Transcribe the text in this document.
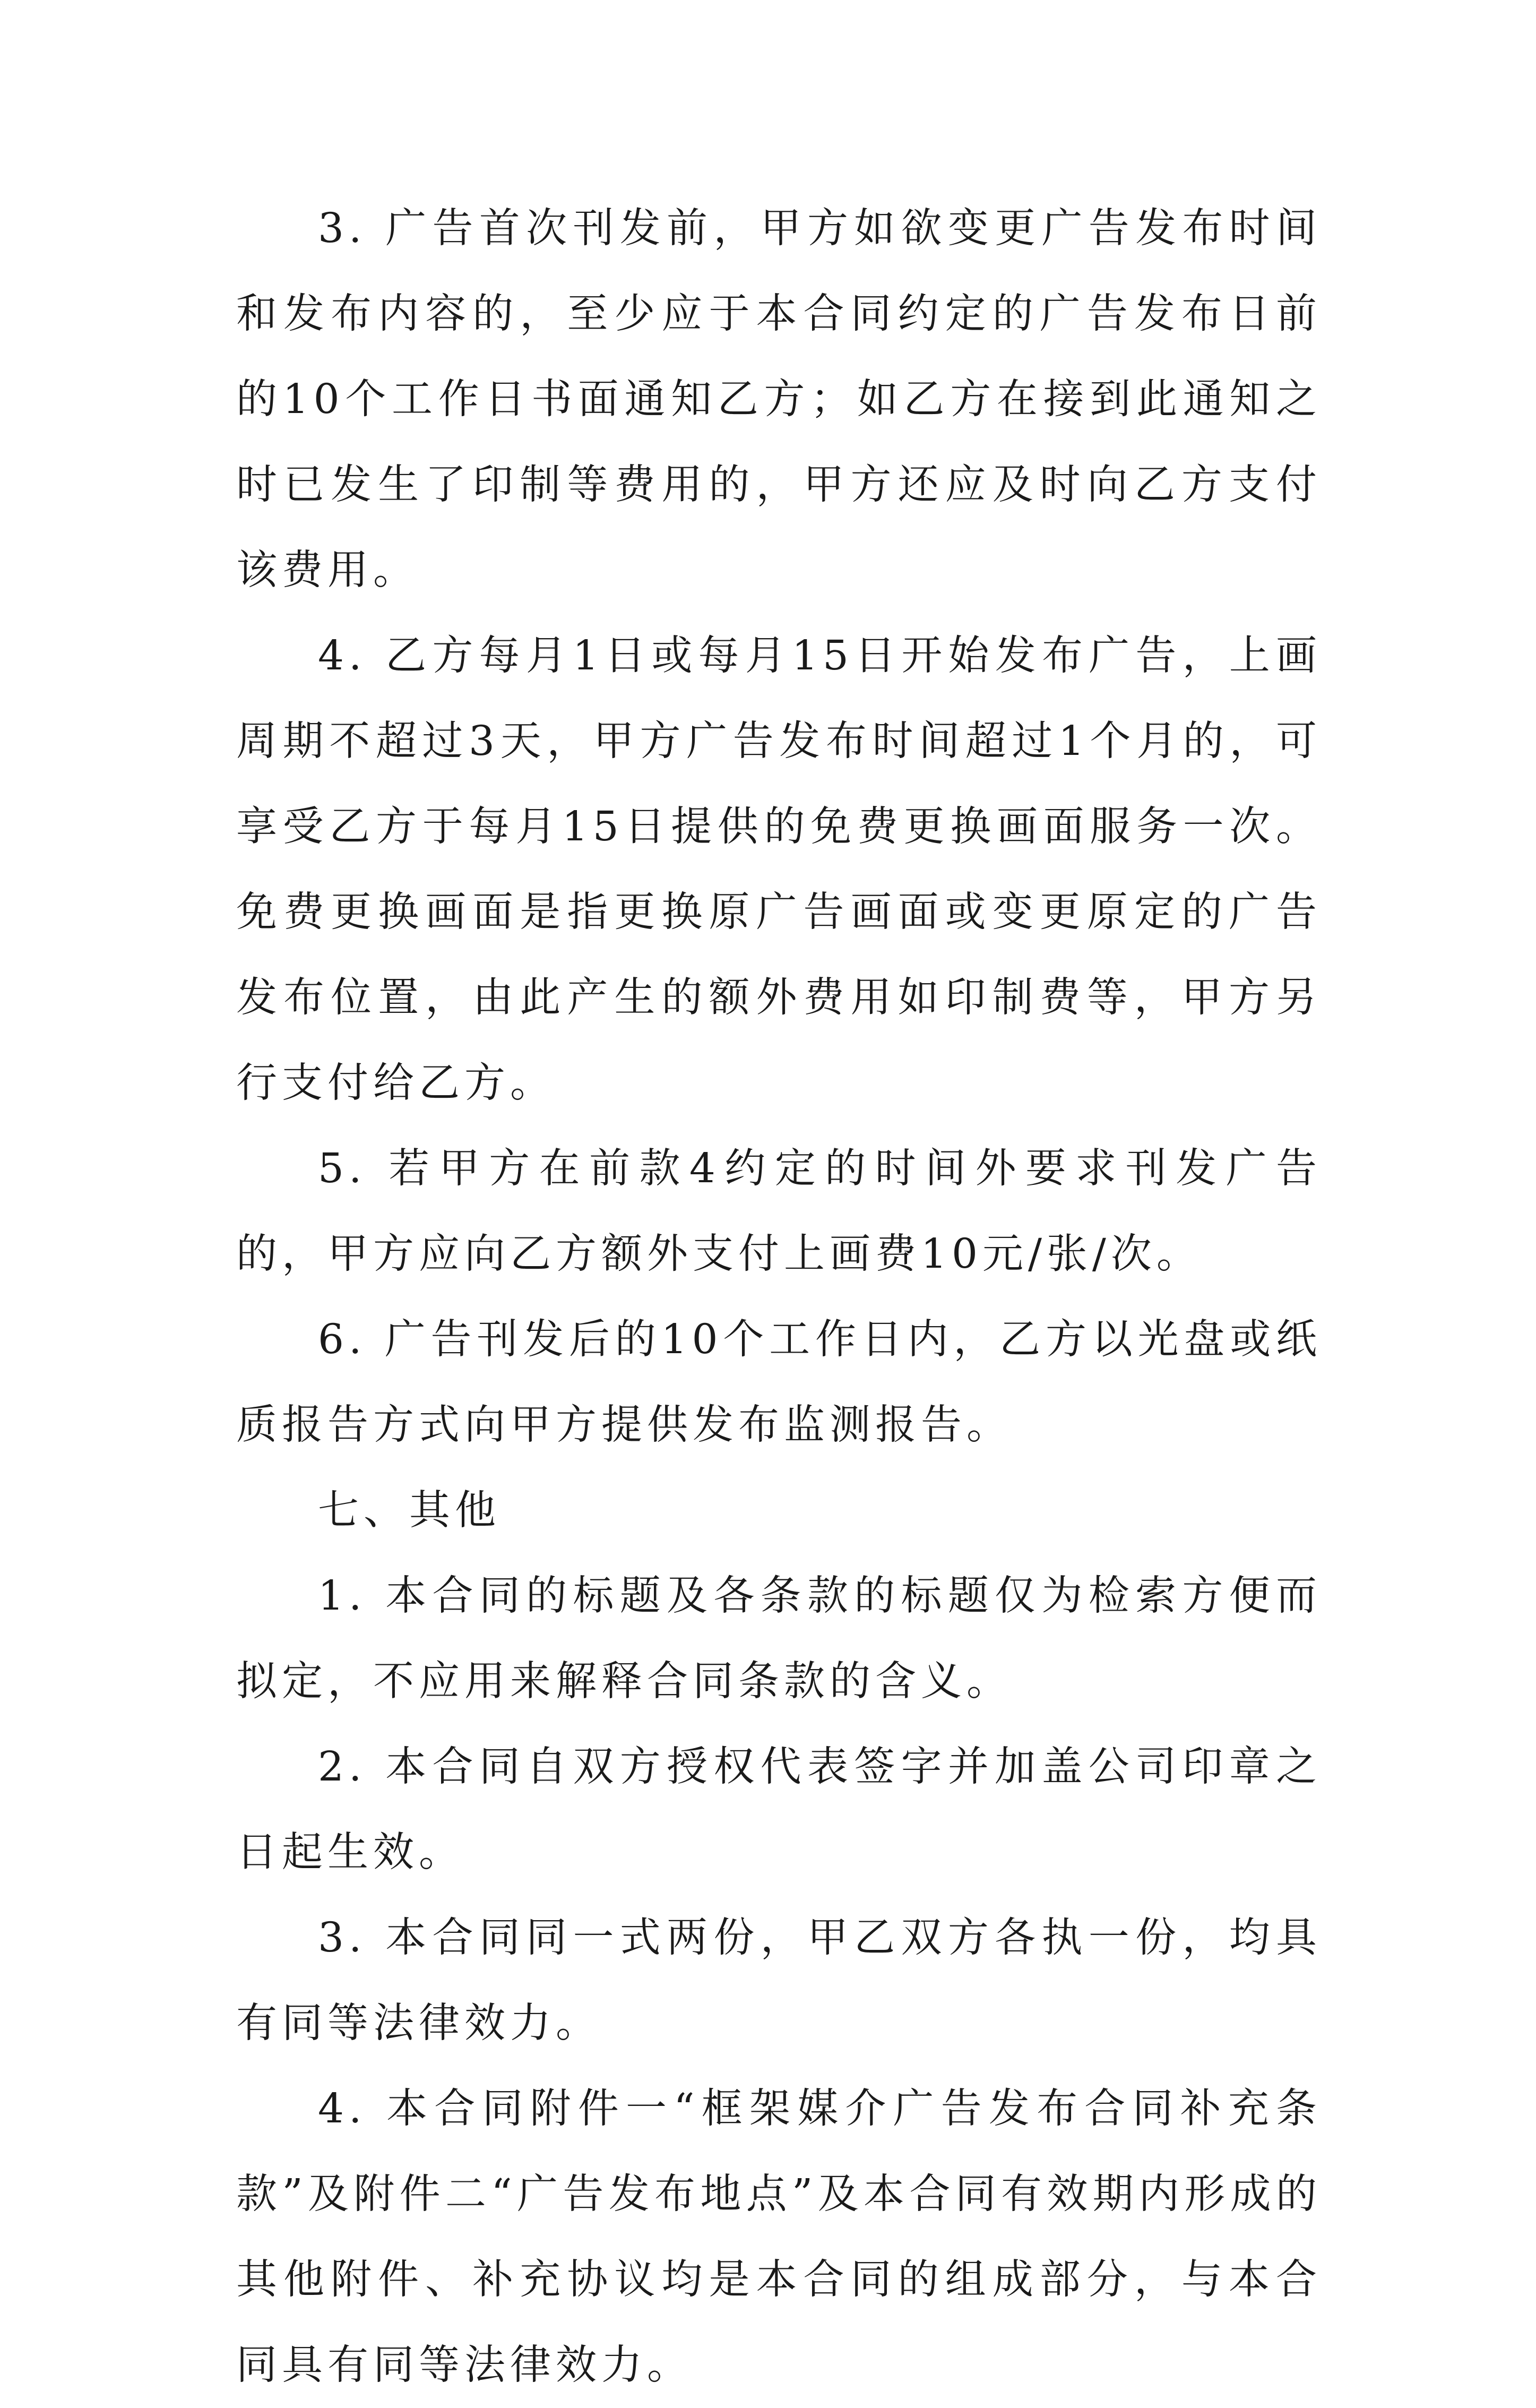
3. 广告首次刊发前，甲方如欲变更广告发布时间和发布内容的，至少应于本合同约定的广告发布日前的10个工作日书面通知乙方；如乙方在接到此通知之时已发生了印制等费用的，甲方还应及时向乙方支付该费用。

4. 乙方每月1日或每月15日开始发布广告，上画周期不超过3天，甲方广告发布时间超过1个月的，可享受乙方于每月15日提供的免费更换画面服务一次。免费更换画面是指更换原广告画面或变更原定的广告发布位置，由此产生的额外费用如印制费等，甲方另行支付给乙方。

5. 若甲方在前款4约定的时间外要求刊发广告的，甲方应向乙方额外支付上画费10元/张/次。

6. 广告刊发后的10个工作日内，乙方以光盘或纸质报告方式向甲方提供发布监测报告。

七、其他

1. 本合同的标题及各条款的标题仅为检索方便而拟定，不应用来解释合同条款的含义。

2. 本合同自双方授权代表签字并加盖公司印章之日起生效。

3. 本合同同一式两份，甲乙双方各执一份，均具有同等法律效力。

4. 本合同附件一“框架媒介广告发布合同补充条款”及附件二“广告发布地点”及本合同有效期内形成的其他附件、补充协议均是本合同的组成部分，与本合同具有同等法律效力。
